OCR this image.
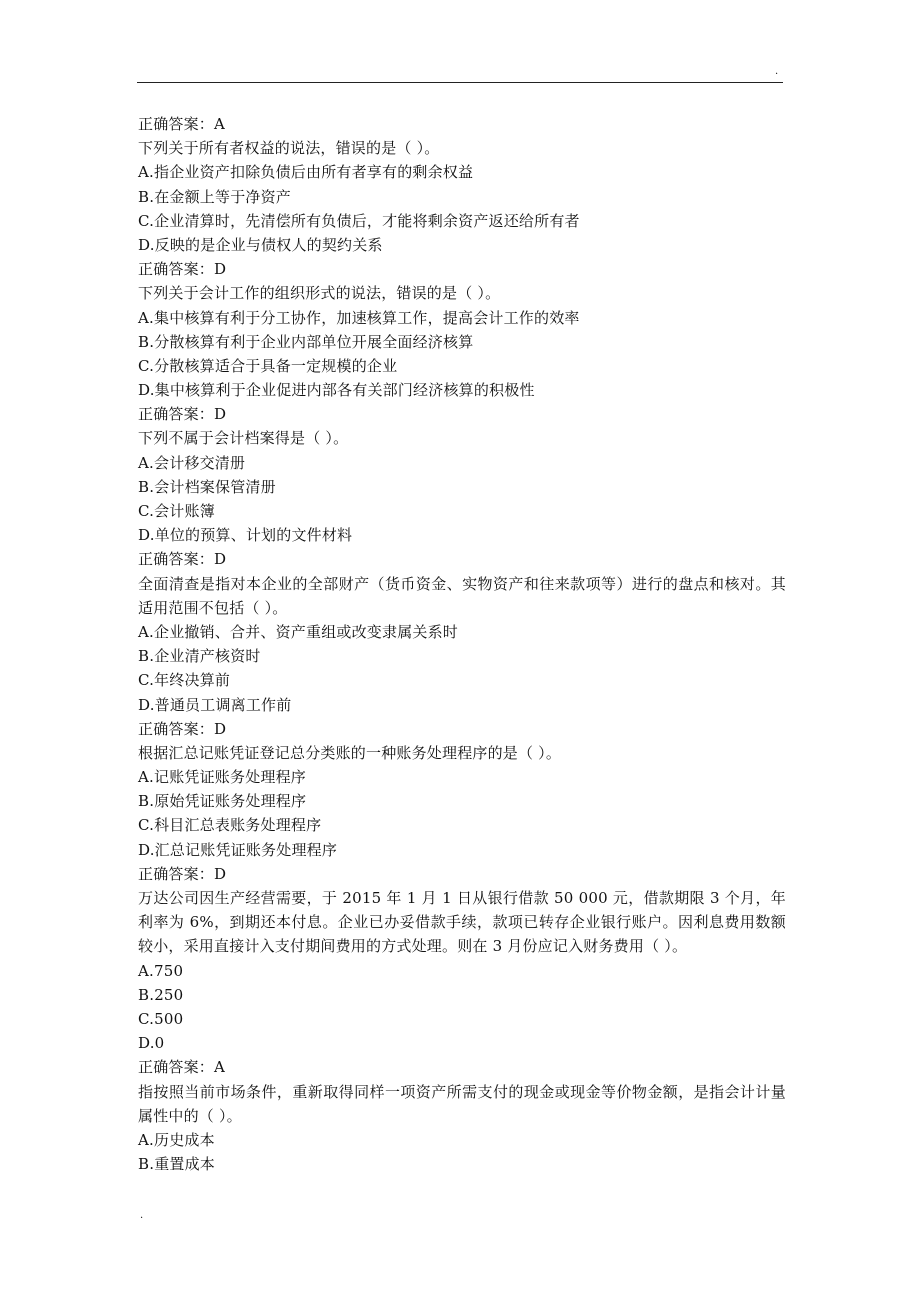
.
正确答案：A
下列关于所有者权益的说法，错误的是（ ）。
A.指企业资产扣除负债后由所有者享有的剩余权益
B.在金额上等于净资产
C.企业清算时，先清偿所有负债后，才能将剩余资产返还给所有者
D.反映的是企业与债权人的契约关系
正确答案：D
下列关于会计工作的组织形式的说法，错误的是（ ）。
A.集中核算有利于分工协作，加速核算工作，提高会计工作的效率
B.分散核算有利于企业内部单位开展全面经济核算
C.分散核算适合于具备一定规模的企业
D.集中核算利于企业促进内部各有关部门经济核算的积极性
正确答案：D
下列不属于会计档案得是（ ）。
A.会计移交清册
B.会计档案保管清册
C.会计账簿
D.单位的预算、计划的文件材料
正确答案：D
全面清查是指对本企业的全部财产（货币资金、实物资产和往来款项等）进行的盘点和核对。其适用范围不包括（ ）。
A.企业撤销、合并、资产重组或改变隶属关系时
B.企业清产核资时
C.年终决算前
D.普通员工调离工作前
正确答案：D
根据汇总记账凭证登记总分类账的一种账务处理程序的是（ ）。
A.记账凭证账务处理程序
B.原始凭证账务处理程序
C.科目汇总表账务处理程序
D.汇总记账凭证账务处理程序
正确答案：D
万达公司因生产经营需要，于 2015 年 1 月 1 日从银行借款 50 000 元，借款期限 3 个月，年利率为 6%，到期还本付息。企业已办妥借款手续，款项已转存企业银行账户。因利息费用数额较小，采用直接计入支付期间费用的方式处理。则在 3 月份应记入财务费用（ ）。
A.750
B.250
C.500
D.0
正确答案：A
指按照当前市场条件，重新取得同样一项资产所需支付的现金或现金等价物金额，是指会计计量属性中的（ ）。
A.历史成本
B.重置成本
.
